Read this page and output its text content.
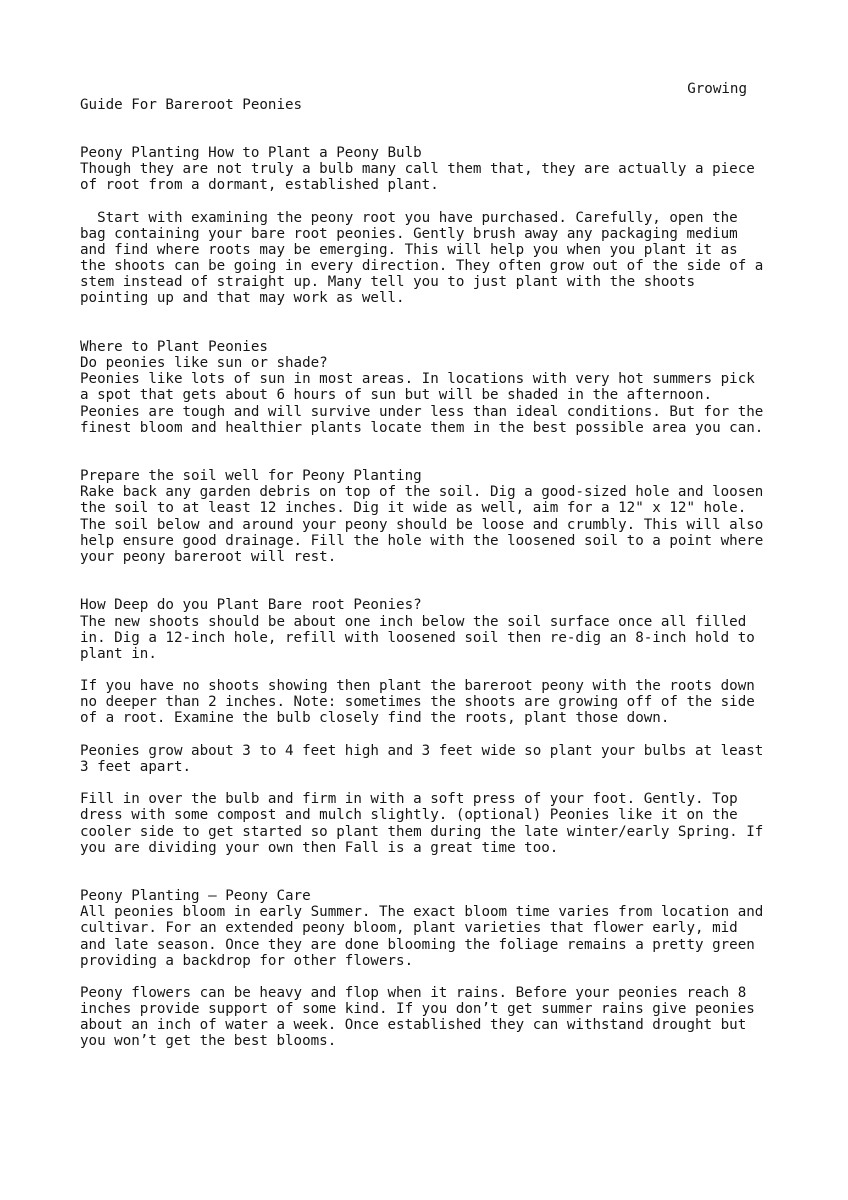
Growing
Guide For Bareroot Peonies
Peony Planting How to Plant a Peony Bulb
Though they are not truly a bulb many call them that, they are actually a piece
of root from a dormant, established plant.
Start with examining the peony root you have purchased. Carefully, open the
bag containing your bare root peonies. Gently brush away any packaging medium
and find where roots may be emerging. This will help you when you plant it as
the shoots can be going in every direction. They often grow out of the side of a
stem instead of straight up. Many tell you to just plant with the shoots
pointing up and that may work as well.
Where to Plant Peonies
Do peonies like sun or shade?
Peonies like lots of sun in most areas. In locations with very hot summers pick
a spot that gets about 6 hours of sun but will be shaded in the afternoon.
Peonies are tough and will survive under less than ideal conditions. But for the
finest bloom and healthier plants locate them in the best possible area you can.
Prepare the soil well for Peony Planting
Rake back any garden debris on top of the soil. Dig a good-sized hole and loosen
the soil to at least 12 inches. Dig it wide as well, aim for a 12" x 12" hole.
The soil below and around your peony should be loose and crumbly. This will also
help ensure good drainage. Fill the hole with the loosened soil to a point where
your peony bareroot will rest.
How Deep do you Plant Bare root Peonies?
The new shoots should be about one inch below the soil surface once all filled
in. Dig a 12-inch hole, refill with loosened soil then re-dig an 8-inch hold to
plant in.
If you have no shoots showing then plant the bareroot peony with the roots down
no deeper than 2 inches. Note: sometimes the shoots are growing off of the side
of a root. Examine the bulb closely find the roots, plant those down.
Peonies grow about 3 to 4 feet high and 3 feet wide so plant your bulbs at least
3 feet apart.
Fill in over the bulb and firm in with a soft press of your foot. Gently. Top
dress with some compost and mulch slightly. (optional) Peonies like it on the
cooler side to get started so plant them during the late winter/early Spring. If
you are dividing your own then Fall is a great time too.
Peony Planting – Peony Care
All peonies bloom in early Summer. The exact bloom time varies from location and
cultivar. For an extended peony bloom, plant varieties that flower early, mid
and late season. Once they are done blooming the foliage remains a pretty green
providing a backdrop for other flowers.
Peony flowers can be heavy and flop when it rains. Before your peonies reach 8
inches provide support of some kind. If you don’t get summer rains give peonies
about an inch of water a week. Once established they can withstand drought but
you won’t get the best blooms.
